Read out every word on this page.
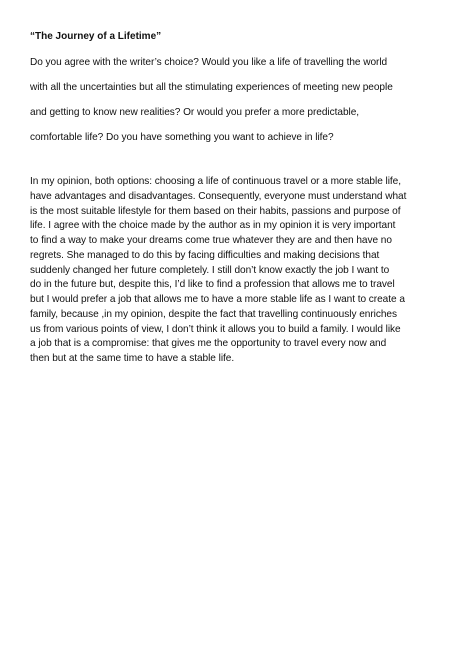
“The Journey of a Lifetime”
Do you agree with the writer’s choice? Would you like a life of travelling the world
with all the uncertainties but all the stimulating experiences of meeting new people
and getting to know new realities? Or would you prefer a more predictable,
comfortable life? Do you have something you want to achieve in life?
In my opinion, both options: choosing a life of continuous travel or a more stable life,
have advantages and disadvantages. Consequently, everyone must understand what
is the most suitable lifestyle for them based on their habits, passions and purpose of
life. I agree with the choice made by the author as in my opinion it is very important
to find a way to make your dreams come true whatever they are and then have no
regrets. She managed to do this by facing difficulties and making decisions that
suddenly changed her future completely. I still don’t know exactly the job I want to
do in the future but, despite this, I’d like to find a profession that allows me to travel
but I would prefer a job that allows me to have a more stable life as I want to create a
family, because ,in my opinion, despite the fact that travelling continuously enriches
us from various points of view, I don’t think it allows you to build a family. I would like
a job that is a compromise: that gives me the opportunity to travel every now and
then but at the same time to have a stable life.
